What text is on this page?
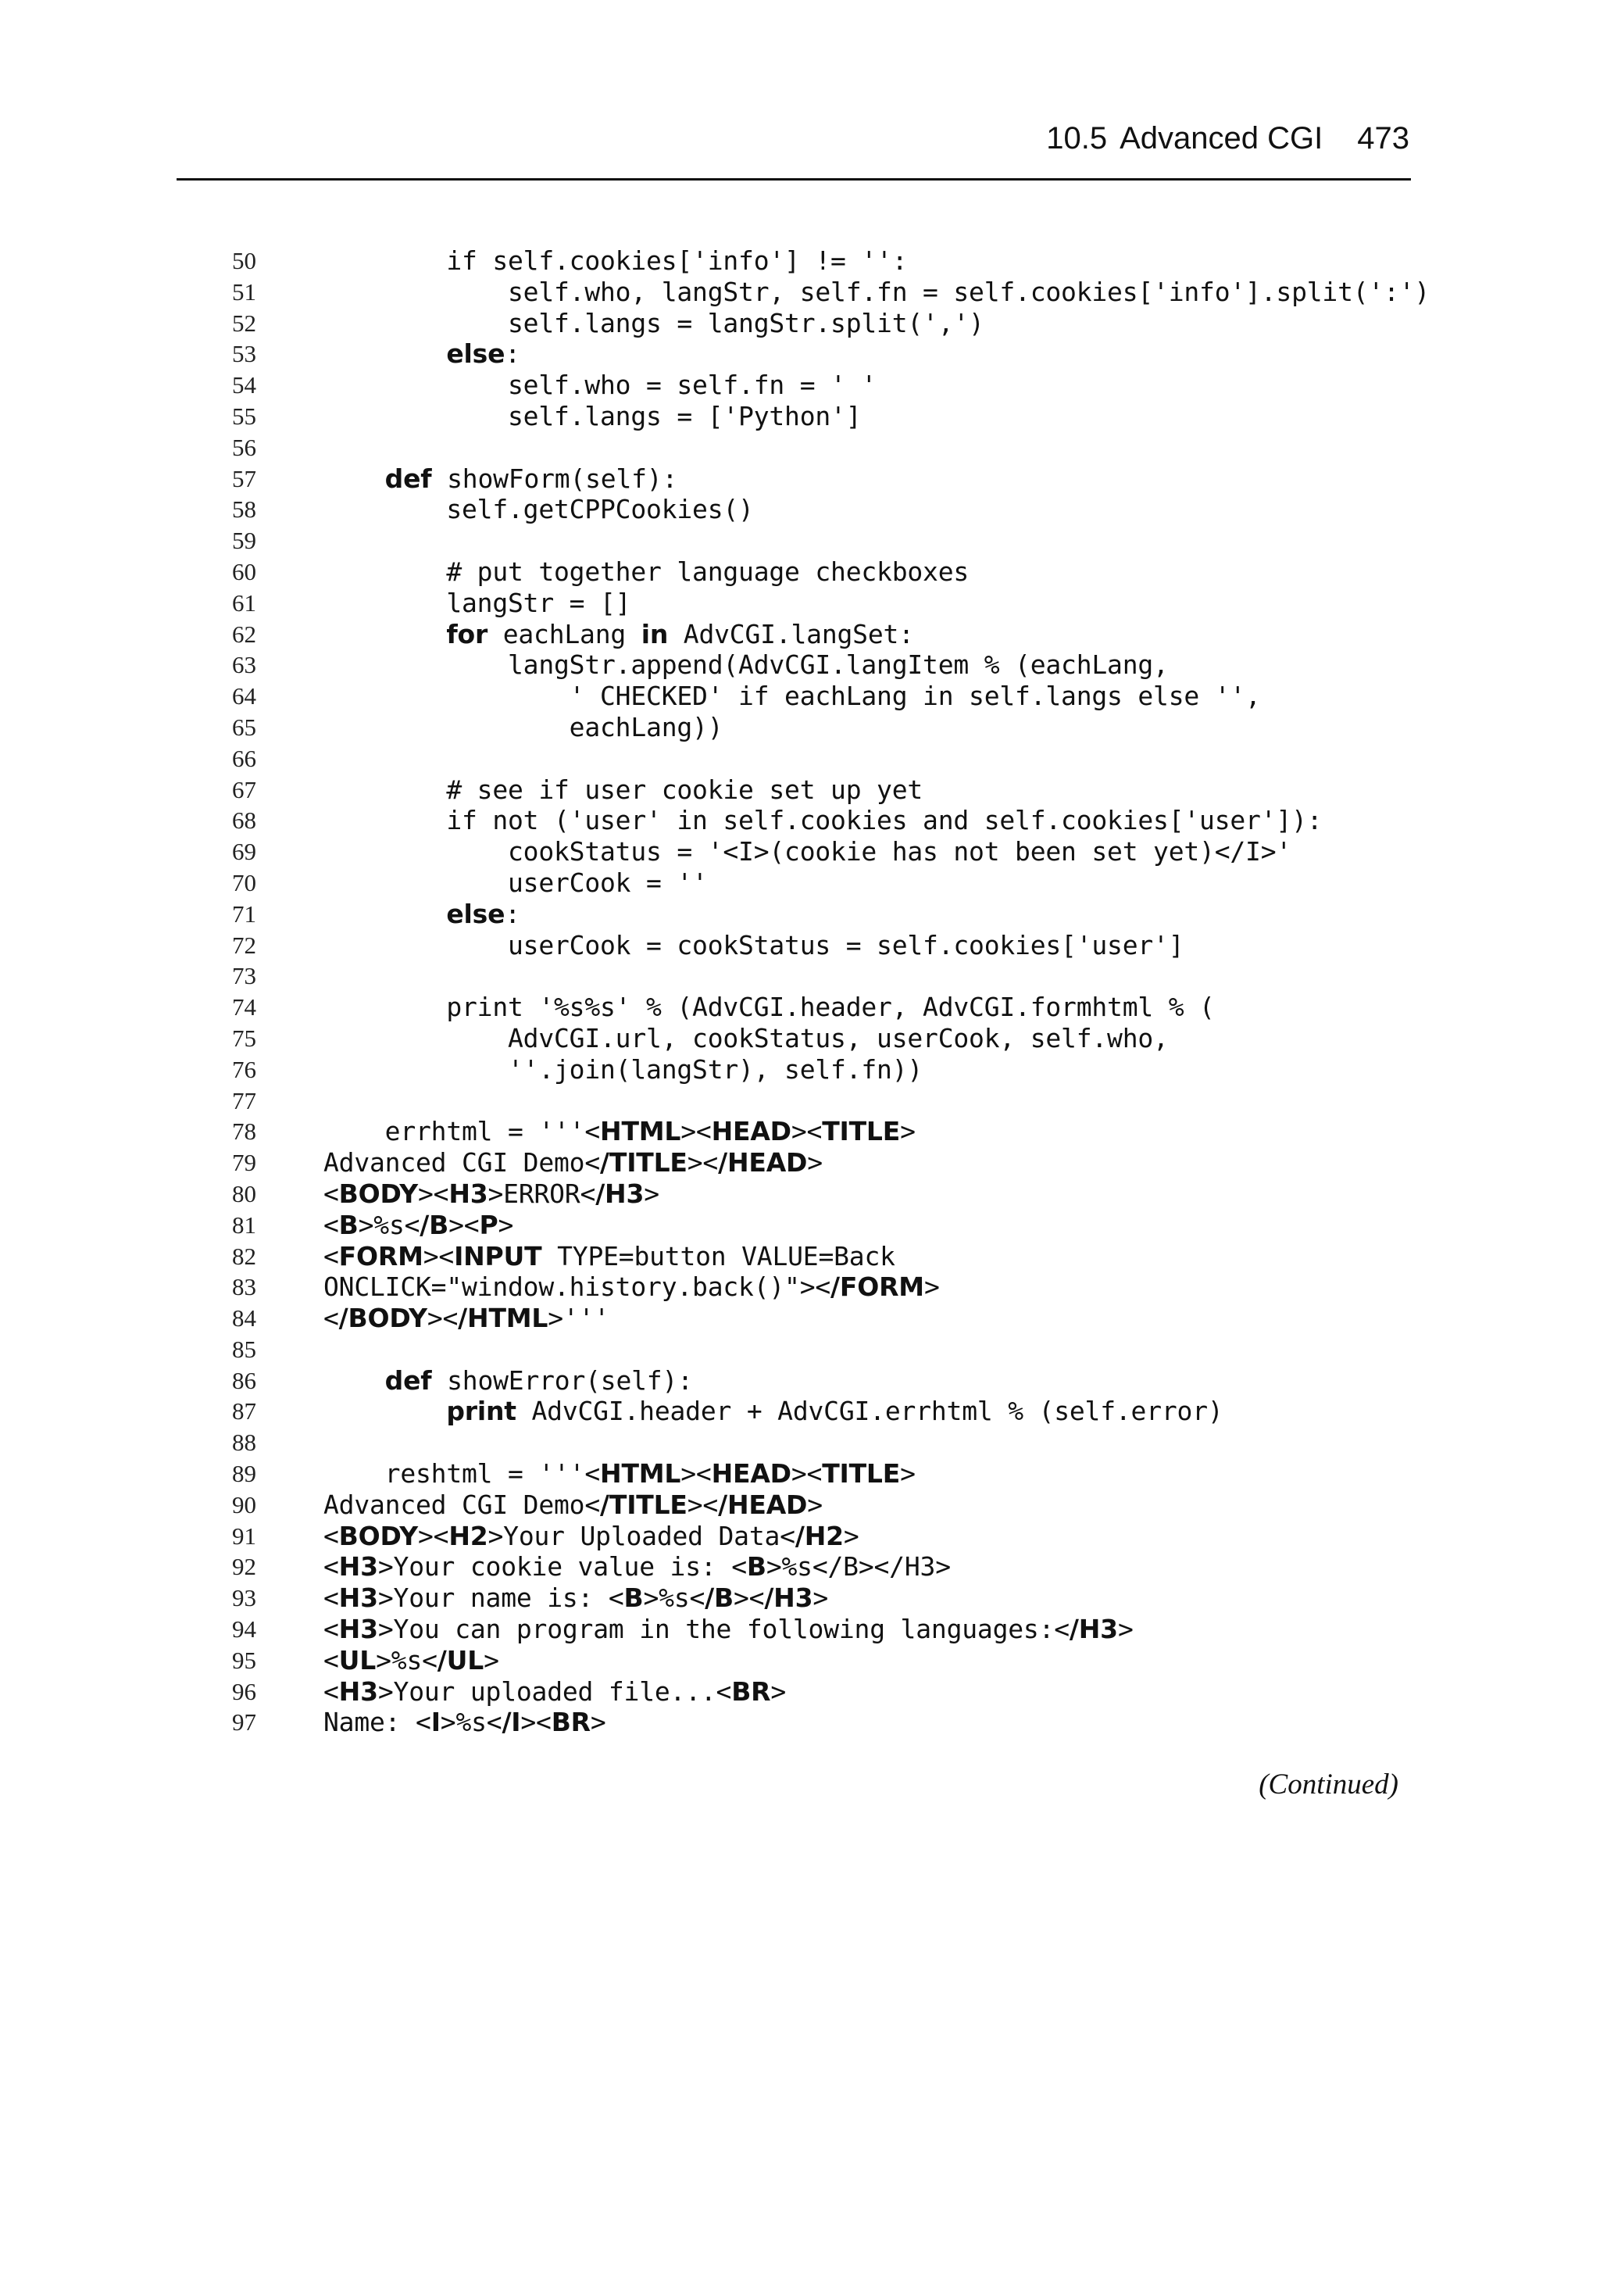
10.5 Advanced CGI 473
50	if self.cookies['info'] != '':
51	self.who, langStr, self.fn = self.cookies['info'].split(':')
52	self.langs = langStr.split(',')
53	else:
54	self.who = self.fn = ' '
55	self.langs = ['Python']
56
57	def showForm(self):
58	self.getCPPCookies()
59
60	# put together language checkboxes
61	langStr = []
62	for eachLang in AdvCGI.langSet:
63	langStr.append(AdvCGI.langItem % (eachLang,
64	' CHECKED' if eachLang in self.langs else '',
65	eachLang))
66
67	# see if user cookie set up yet
68	if not ('user' in self.cookies and self.cookies['user']):
69	cookStatus = '<I>(cookie has not been set yet)</I>'
70	userCook = ''
71	else:
72	userCook = cookStatus = self.cookies['user']
73
74	print '%s%s' % (AdvCGI.header, AdvCGI.formhtml % (
75	AdvCGI.url, cookStatus, userCook, self.who,
76	''.join(langStr), self.fn))
77
78	errhtml = '''<HTML><HEAD><TITLE>
79	Advanced CGI Demo</TITLE></HEAD>
80	<BODY><H3>ERROR</H3>
81	<B>%s</B><P>
82	<FORM><INPUT TYPE=button VALUE=Back
83	ONCLICK="window.history.back()"></FORM>
84	</BODY></HTML>'''
85
86	def showError(self):
87	print AdvCGI.header + AdvCGI.errhtml % (self.error)
88
89	reshtml = '''<HTML><HEAD><TITLE>
90	Advanced CGI Demo</TITLE></HEAD>
91	<BODY><H2>Your Uploaded Data</H2>
92	<H3>Your cookie value is: <B>%s</B></H3>
93	<H3>Your name is: <B>%s</B></H3>
94	<H3>You can program in the following languages:</H3>
95	<UL>%s</UL>
96	<H3>Your uploaded file...<BR>
97	Name: <I>%s</I><BR>
(Continued)
